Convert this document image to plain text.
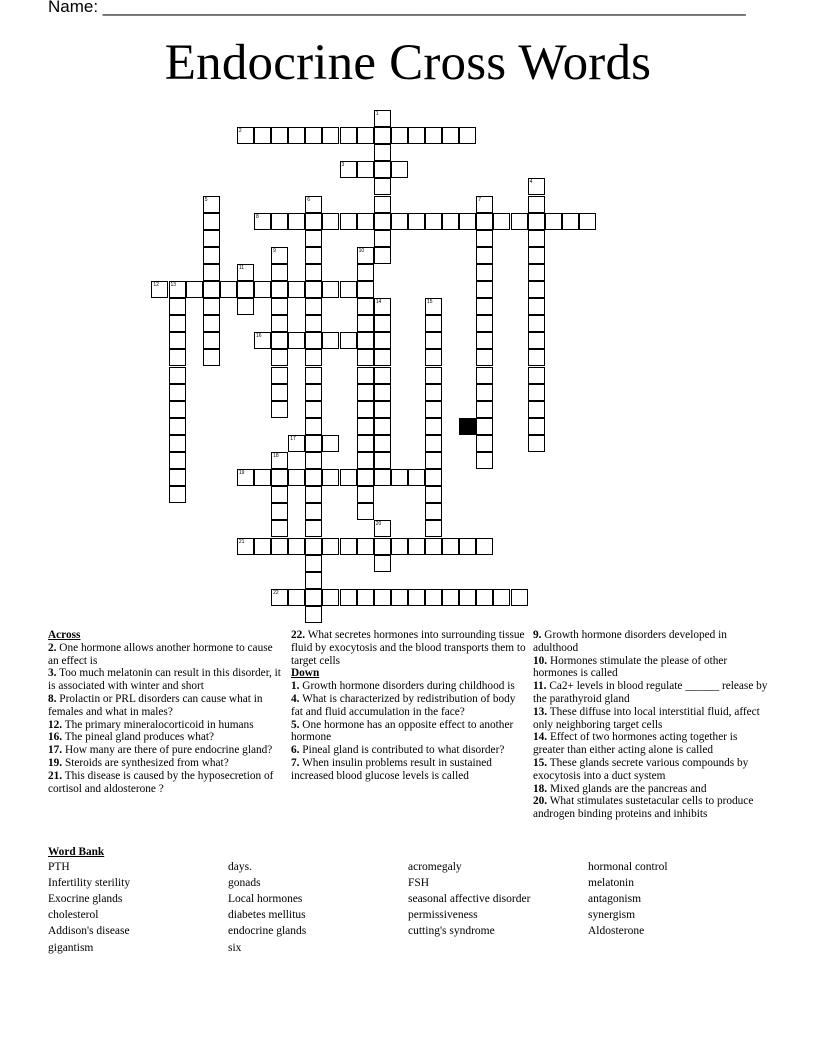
Name: ____________________________________________________________________
Endocrine Cross Words
1
2
3
4
5	6	7
8
9	10
11
12 13
14	15
16
17
18
19
20
21
22
Across
2. One hormone allows another hormone to cause an effect is
3. Too much melatonin can result in this disorder, it is associated with winter and short
8. Prolactin or PRL disorders can cause what in females and what in males?
12. The primary mineralocorticoid in humans
16. The pineal gland produces what?
17. How many are there of pure endocrine gland?
19. Steroids are synthesized from what?
21. This disease is caused by the hyposecretion of cortisol and aldosterone ?
22. What secretes hormones into surrounding tissue fluid by exocytosis and the blood transports them to target cells
Down
1. Growth hormone disorders during childhood is
4. What is characterized by redistribution of body fat and fluid accumulation in the face?
5. One hormone has an opposite effect to another hormone
6. Pineal gland is contributed to what disorder?
7. When insulin problems result in sustained increased blood glucose levels is called
9. Growth hormone disorders developed in adulthood
10. Hormones stimulate the please of other hormones is called
11. Ca2+ levels in blood regulate ______ release by the parathyroid gland
13. These diffuse into local interstitial fluid, affect only neighboring target cells
14. Effect of two hormones acting together is greater than either acting alone is called
15. These glands secrete various compounds by exocytosis into a duct system
18. Mixed glands are the pancreas and
20. What stimulates sustetacular cells to produce androgen binding proteins and inhibits
Word Bank
PTH
Infertility sterility
Exocrine glands
cholesterol
Addison's disease
gigantism
days.
gonads
Local hormones
diabetes mellitus
endocrine glands
six
acromegaly
FSH
seasonal affective disorder
permissiveness
cutting's syndrome
hormonal control
melatonin
antagonism
synergism
Aldosterone
